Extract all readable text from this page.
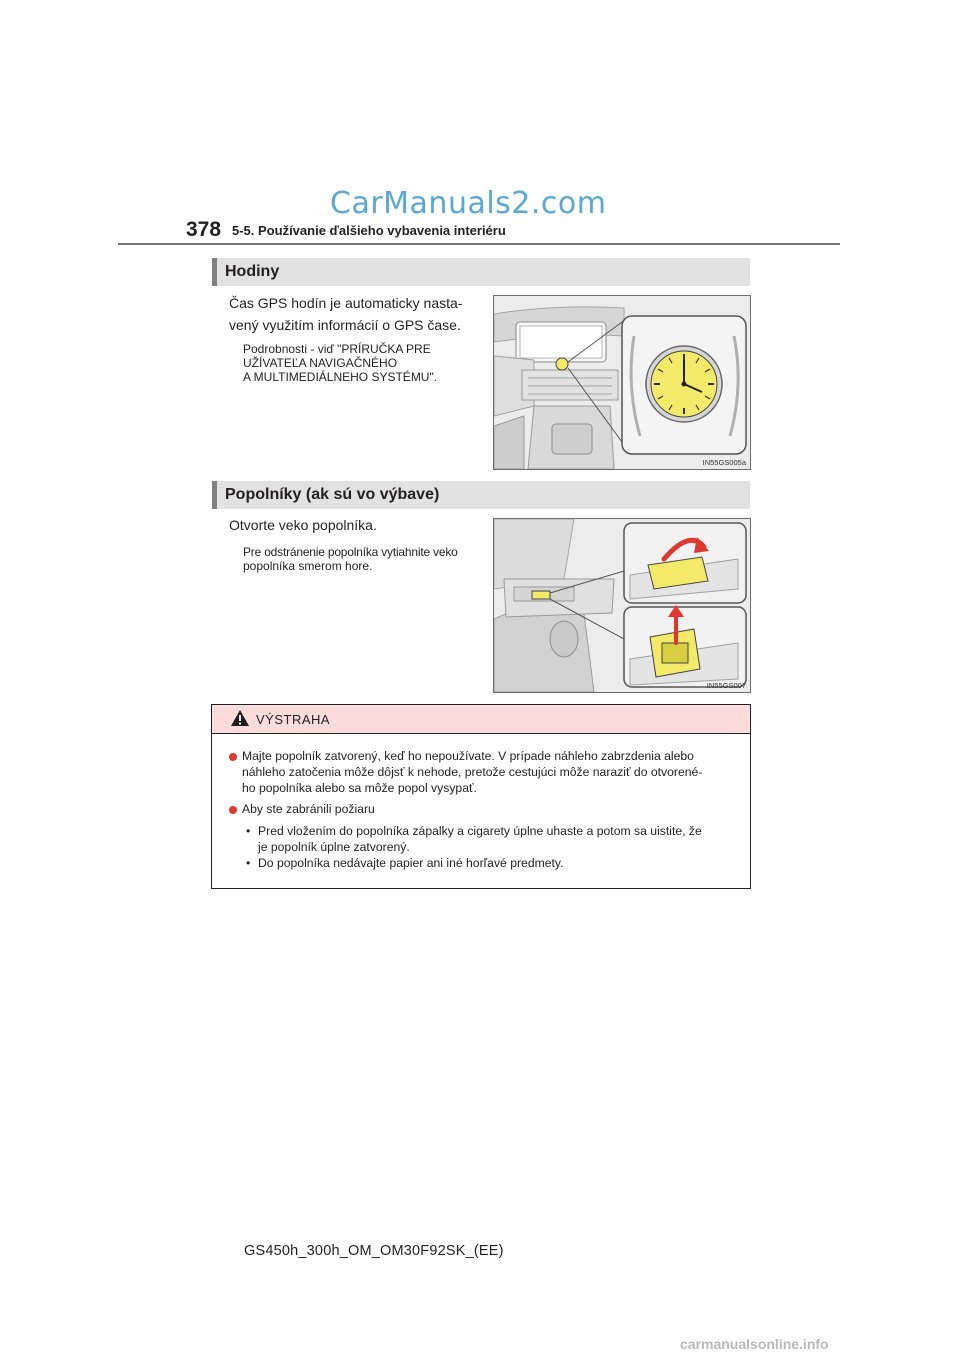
CarManuals2.com
378 5-5. Používanie ďalšieho vybavenia interiéru
Hodiny
Čas GPS hodín je automaticky nasta-
vený využitím informácií o GPS čase.
Podrobnosti - viď "PRÍRUČKA PRE
UŽÍVATEĽA NAVIGAČNÉHO
A MULTIMEDIÁLNEHO SYSTÉMU".
IN55GS005a
Popolníky (ak sú vo výbave)
Otvorte veko popolníka.
Pre odstránenie popolníka vytiahnite veko
popolníka smerom hore.
IN55GS007
VÝSTRAHA
Majte popolník zatvorený, keď ho nepoužívate. V prípade náhleho zabrzdenia alebo
náhleho zatočenia môže dôjsť k nehode, pretože cestujúci môže naraziť do otvorené-
ho popolníka alebo sa môže popol vysypať.
Aby ste zabránili požiaru
• Pred vložením do popolníka zápalky a cigarety úplne uhaste a potom sa uistite, že
je popolník úplne zatvorený.
• Do popolníka nedávajte papier ani iné horľavé predmety.
GS450h_300h_OM_OM30F92SK_(EE)
carmanualsonline.info
